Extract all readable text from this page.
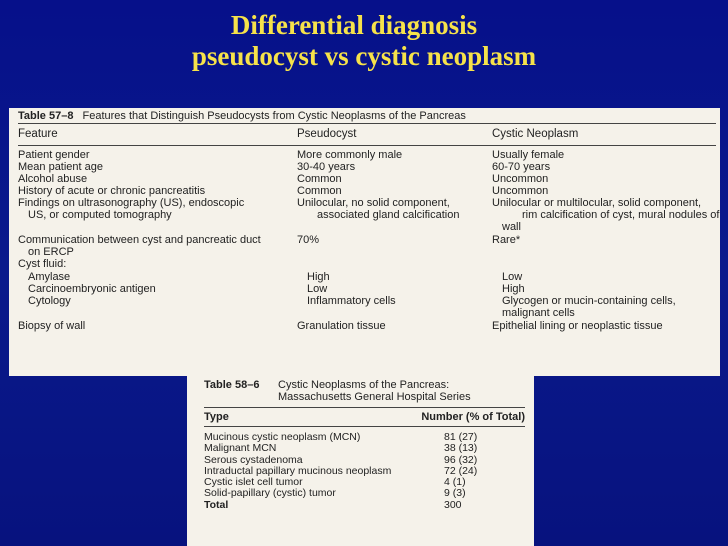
Differential diagnosis
pseudocyst vs cystic neoplasm
Table 57–8 Features that Distinguish Pseudocysts from Cystic Neoplasms of the Pancreas
Feature	Pseudocyst	Cystic Neoplasm
Patient gender	More commonly male	Usually female
Mean patient age	30-40 years	60-70 years
Alcohol abuse	Common	Uncommon
History of acute or chronic pancreatitis	Common	Uncommon
Findings on ultrasonography (US), endoscopic	Unilocular, no solid component,	Unilocular or multilocular, solid component,
US, or computed tomography	associated gland calcification	rim calcification of cyst, mural nodules of
wall
Communication between cyst and pancreatic duct	70%	Rare*
on ERCP
Cyst fluid:
Amylase	High	Low
Carcinoembryonic antigen	Low	High
Cytology	Inflammatory cells	Glycogen or mucin-containing cells,
malignant cells
Biopsy of wall	Granulation tissue	Epithelial lining or neoplastic tissue
Table 58–6	Cystic Neoplasms of the Pancreas:
Massachusetts General Hospital Series
Type	Number (% of Total)
Mucinous cystic neoplasm (MCN)	81 (27)
Malignant MCN	38 (13)
Serous cystadenoma	96 (32)
Intraductal papillary mucinous neoplasm	72 (24)
Cystic islet cell tumor	4 (1)
Solid-papillary (cystic) tumor	9 (3)
Total	300
